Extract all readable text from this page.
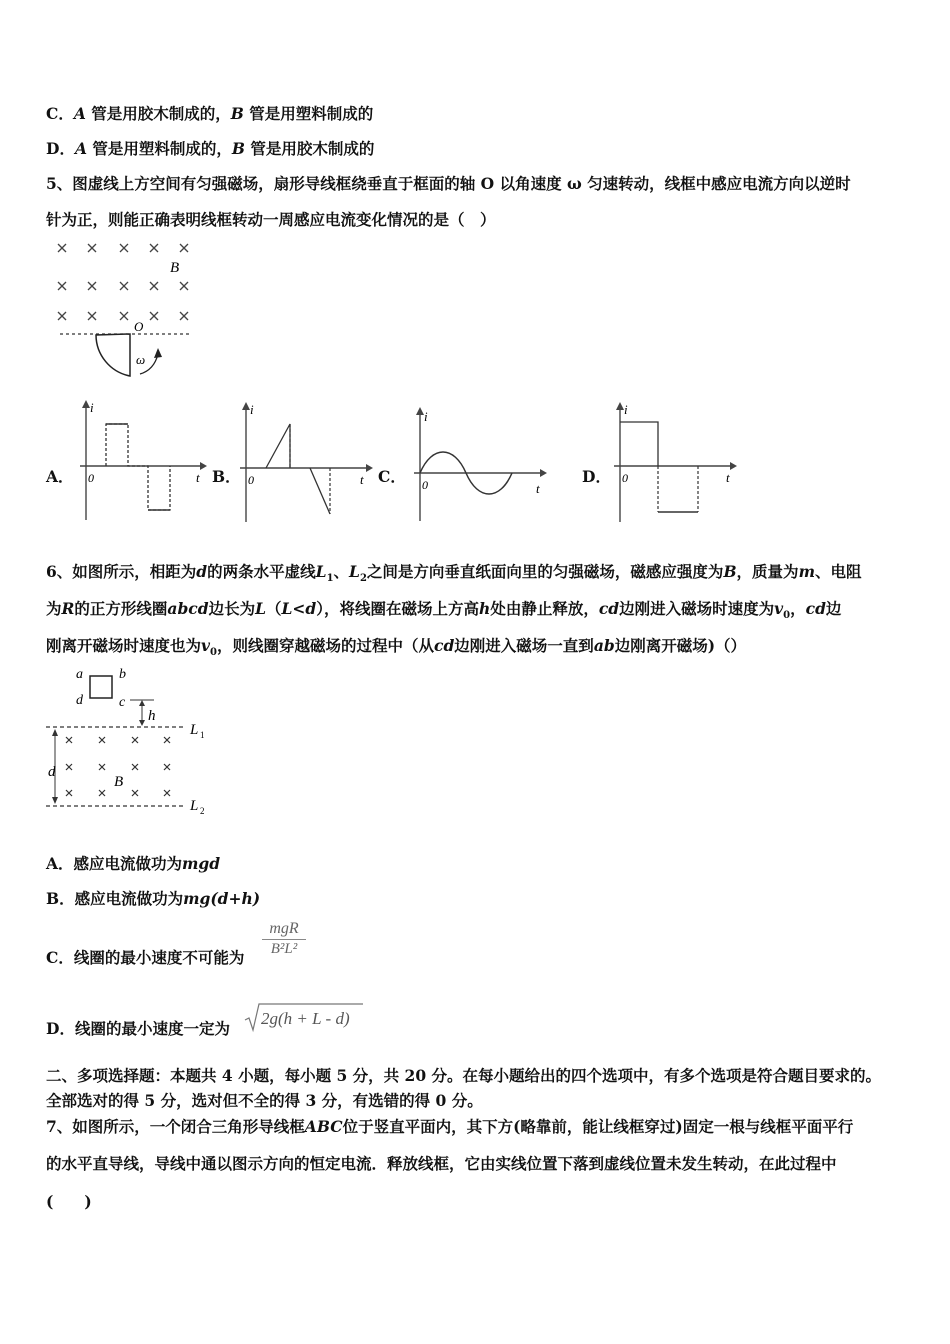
C．A 管是用胶木制成的，B 管是用塑料制成的
D．A 管是用塑料制成的，B 管是用胶木制成的
5、图虚线上方空间有匀强磁场，扇形导线框绕垂直于框面的轴 O 以角速度 ω 匀速转动，线框中感应电流方向以逆时
针为正，则能正确表明线框转动一周感应电流变化情况的是（　）
B
O
ω
A．
i
0	t B．
i
0	t C．
i
0	t
D．
i
0	t
6、如图所示，相距为d的两条水平虚线$L_1$、$L_2$之间是方向垂直纸面向里的匀强磁场，磁感应强度为B，质量为m、电阻
为R的正方形线圈abcd边长为L（L<d），将线圈在磁场上方高h处由静止释放，cd边刚进入磁场时速度为$v_0$，cd边
刚离开磁场时速度也为$v_0$，则线圈穿越磁场的过程中（从cd边刚进入磁场一直到ab边刚离开磁场)（）
a	b
d	c
h
L 1
L 2
d
B
A．感应电流做功为mgd
B．感应电流做功为mg(d+h)
C．线圈的最小速度不可能为
mgR
B²L²
D．线圈的最小速度一定为
2g(h + L - d)
二、多项选择题：本题共 4 小题，每小题 5 分，共 20 分。在每小题给出的四个选项中，有多个选项是符合题目要求的。
全部选对的得 5 分，选对但不全的得 3 分，有选错的得 0 分。
7、如图所示，一个闭合三角形导线框ABC位于竖直平面内，其下方(略靠前，能让线框穿过)固定一根与线框平面平行
的水平直导线，导线中通以图示方向的恒定电流．释放线框，它由实线位置下落到虚线位置未发生转动，在此过程中
(　　)
